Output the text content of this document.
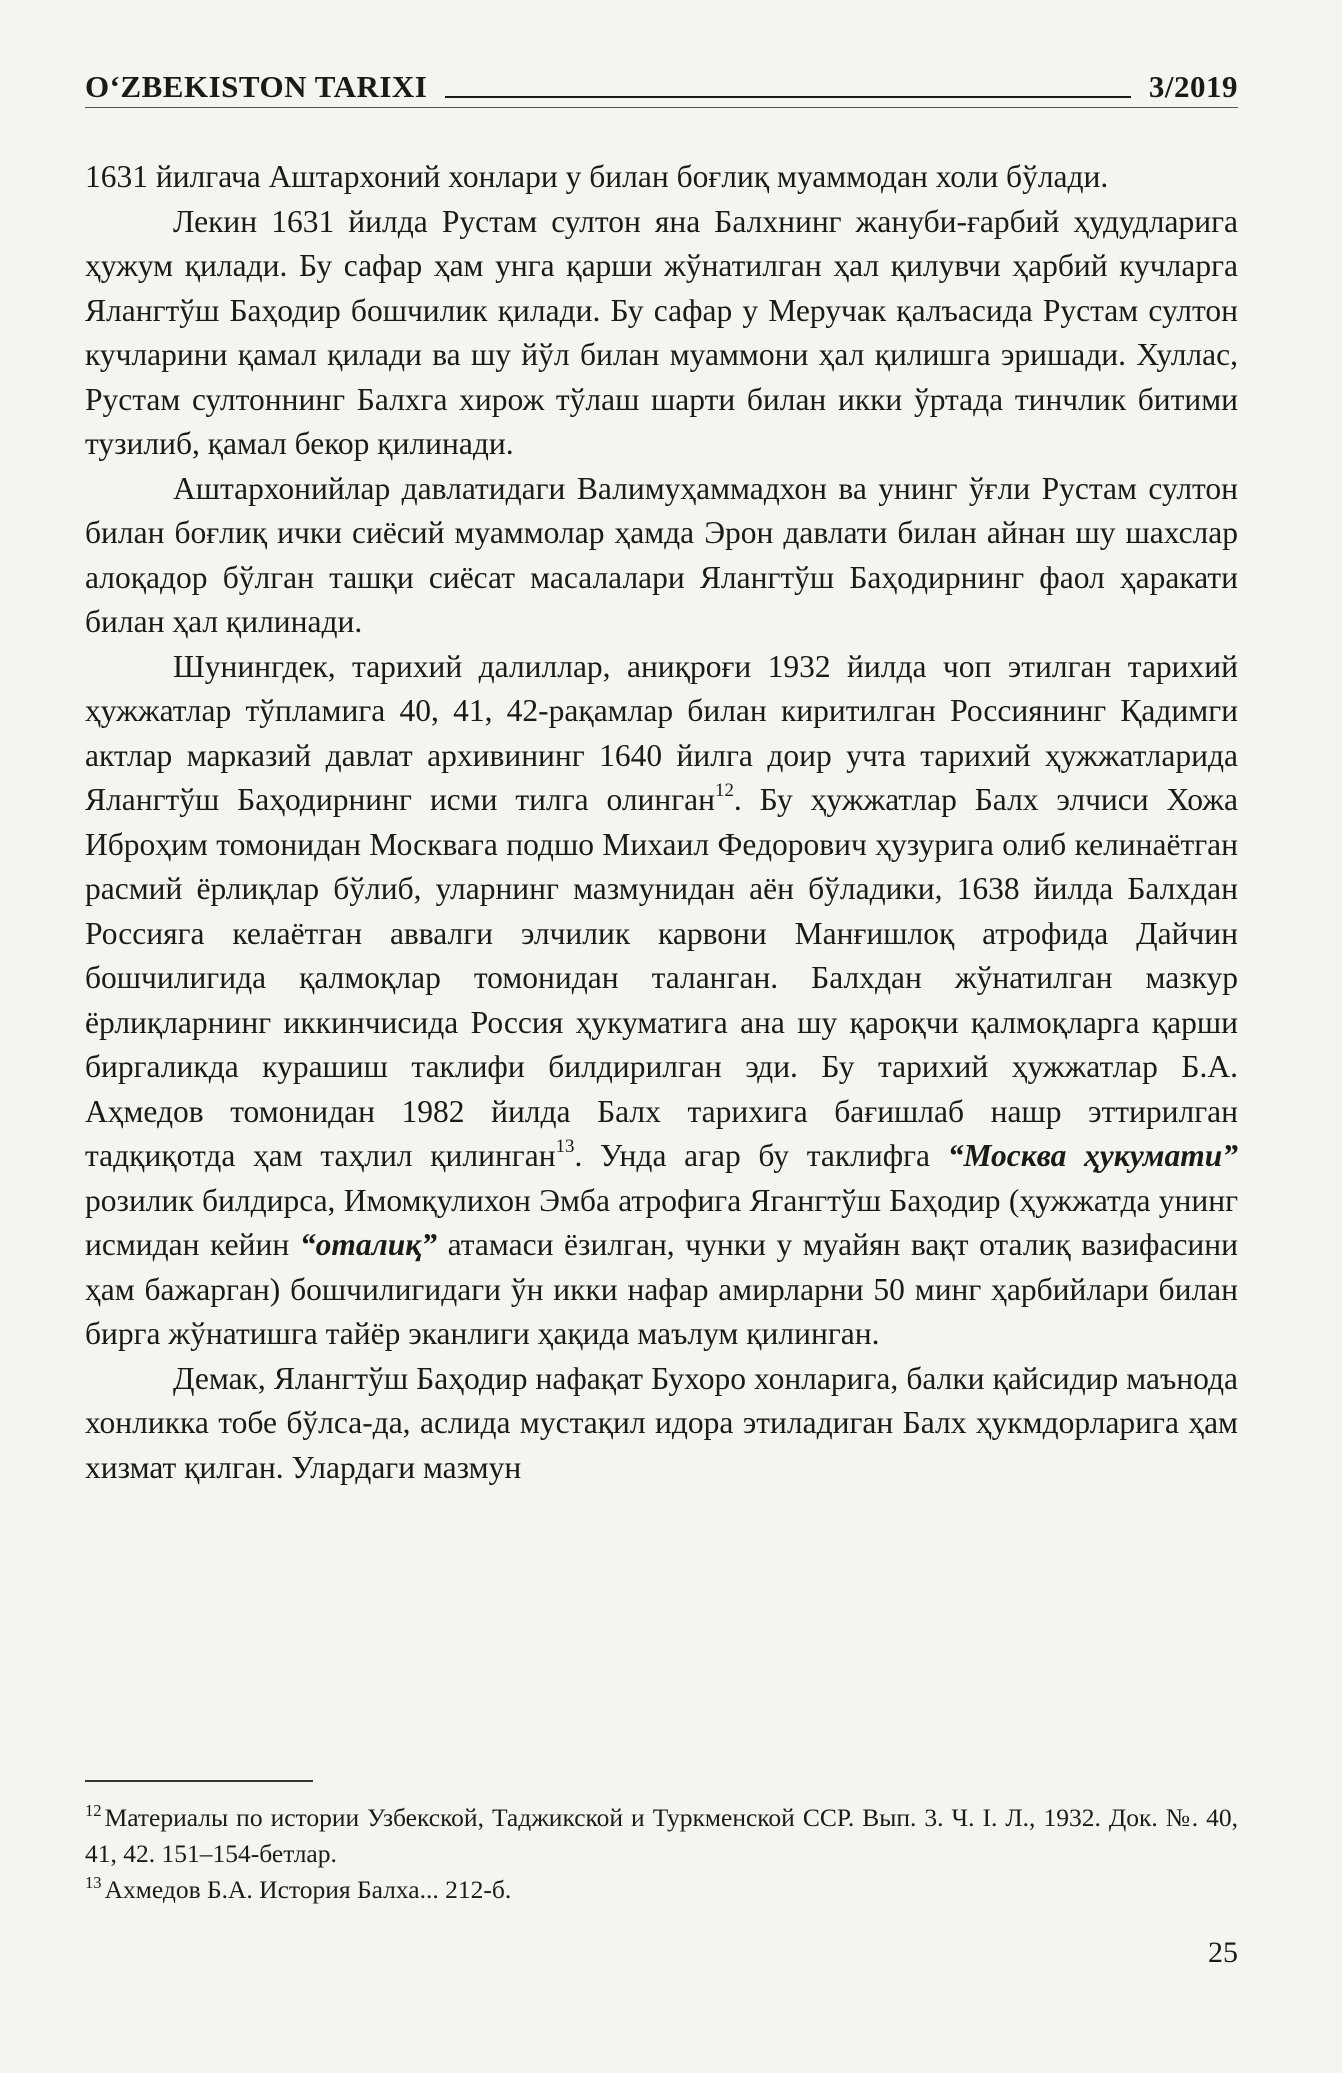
O‘ZBEKISTON TARIXI	3/2019

1631 йилгача Аштархоний хонлари у билан боғлиқ муаммодан холи бўлади.

Лекин 1631 йилда Рустам султон яна Балхнинг жануби-ғарбий ҳудудларига ҳужум қилади. Бу сафар ҳам унга қарши жўнатилган ҳал қилувчи ҳарбий кучларга Ялангтўш Баҳодир бошчилик қилади. Бу сафар у Меручак қалъасида Рустам султон кучларини қамал қилади ва шу йўл билан муаммони ҳал қилишга эришади. Хуллас, Рустам султоннинг Балхга хирож тўлаш шарти билан икки ўртада тинчлик битими тузилиб, қамал бекор қилинади.

Аштархонийлар давлатидаги Валимуҳаммадхон ва унинг ўғли Рустам султон билан боғлиқ ички сиёсий муаммолар ҳамда Эрон давлати билан айнан шу шахслар алоқадор бўлган ташқи сиёсат масалалари Ялангтўш Баҳодирнинг фаол ҳаракати билан ҳал қилинади.

Шунингдек, тарихий далиллар, аниқроғи 1932 йилда чоп этилган тарихий ҳужжатлар тўпламига 40, 41, 42-рақамлар билан киритилган Россиянинг Қадимги актлар марказий давлат архивининг 1640 йилга доир учта тарихий ҳужжатларида Ялангтўш Баҳодирнинг исми тилга олинган$^{12}$. Бу ҳужжатлар Балх элчиси Хожа Иброҳим томонидан Москвага подшо Михаил Федорович ҳузурига олиб келинаётган расмий ёрлиқлар бўлиб, уларнинг мазмунидан аён бўладики, 1638 йилда Балхдан Россияга келаётган аввалги элчилик карвони Манғишлоқ атрофида Дайчин бошчилигида қалмоқлар томонидан таланган. Балхдан жўнатилган мазкур ёрлиқларнинг иккинчисида Россия ҳукуматига ана шу қароқчи қалмоқларга қарши биргаликда курашиш таклифи билдирилган эди. Бу тарихий ҳужжатлар Б.А. Аҳмедов томонидан 1982 йилда Балх тарихига бағишлаб нашр эттирилган тадқиқотда ҳам таҳлил қилинган$^{13}$. Унда агар бу таклифга “Москва ҳукумати” розилик билдирса, Имомқулихон Эмба атрофига Ягангтўш Баҳодир (ҳужжатда унинг исмидан кейин “оталиқ” атамаси ёзилган, чунки у муайян вақт оталиқ вазифасини ҳам бажарган) бошчилигидаги ўн икки нафар амирларни 50 минг ҳарбийлари билан бирга жўнатишга тайёр эканлиги ҳақида маълум қилинган.

Демак, Ялангтўш Баҳодир нафақат Бухоро хонларига, балки қайсидир маънода хонликка тобе бўлса-да, аслида мустақил идора этиладиган Балх ҳукмдорларига ҳам хизмат қилган. Улардаги мазмун

$^{12}$ Материалы по истории Узбекской, Таджикской и Туркменской ССР. Вып. 3. Ч. I. Л., 1932. Док. №. 40, 41, 42. 151–154-бетлар.

$^{13}$ Ахмедов Б.А. История Балха... 212-б.

25
